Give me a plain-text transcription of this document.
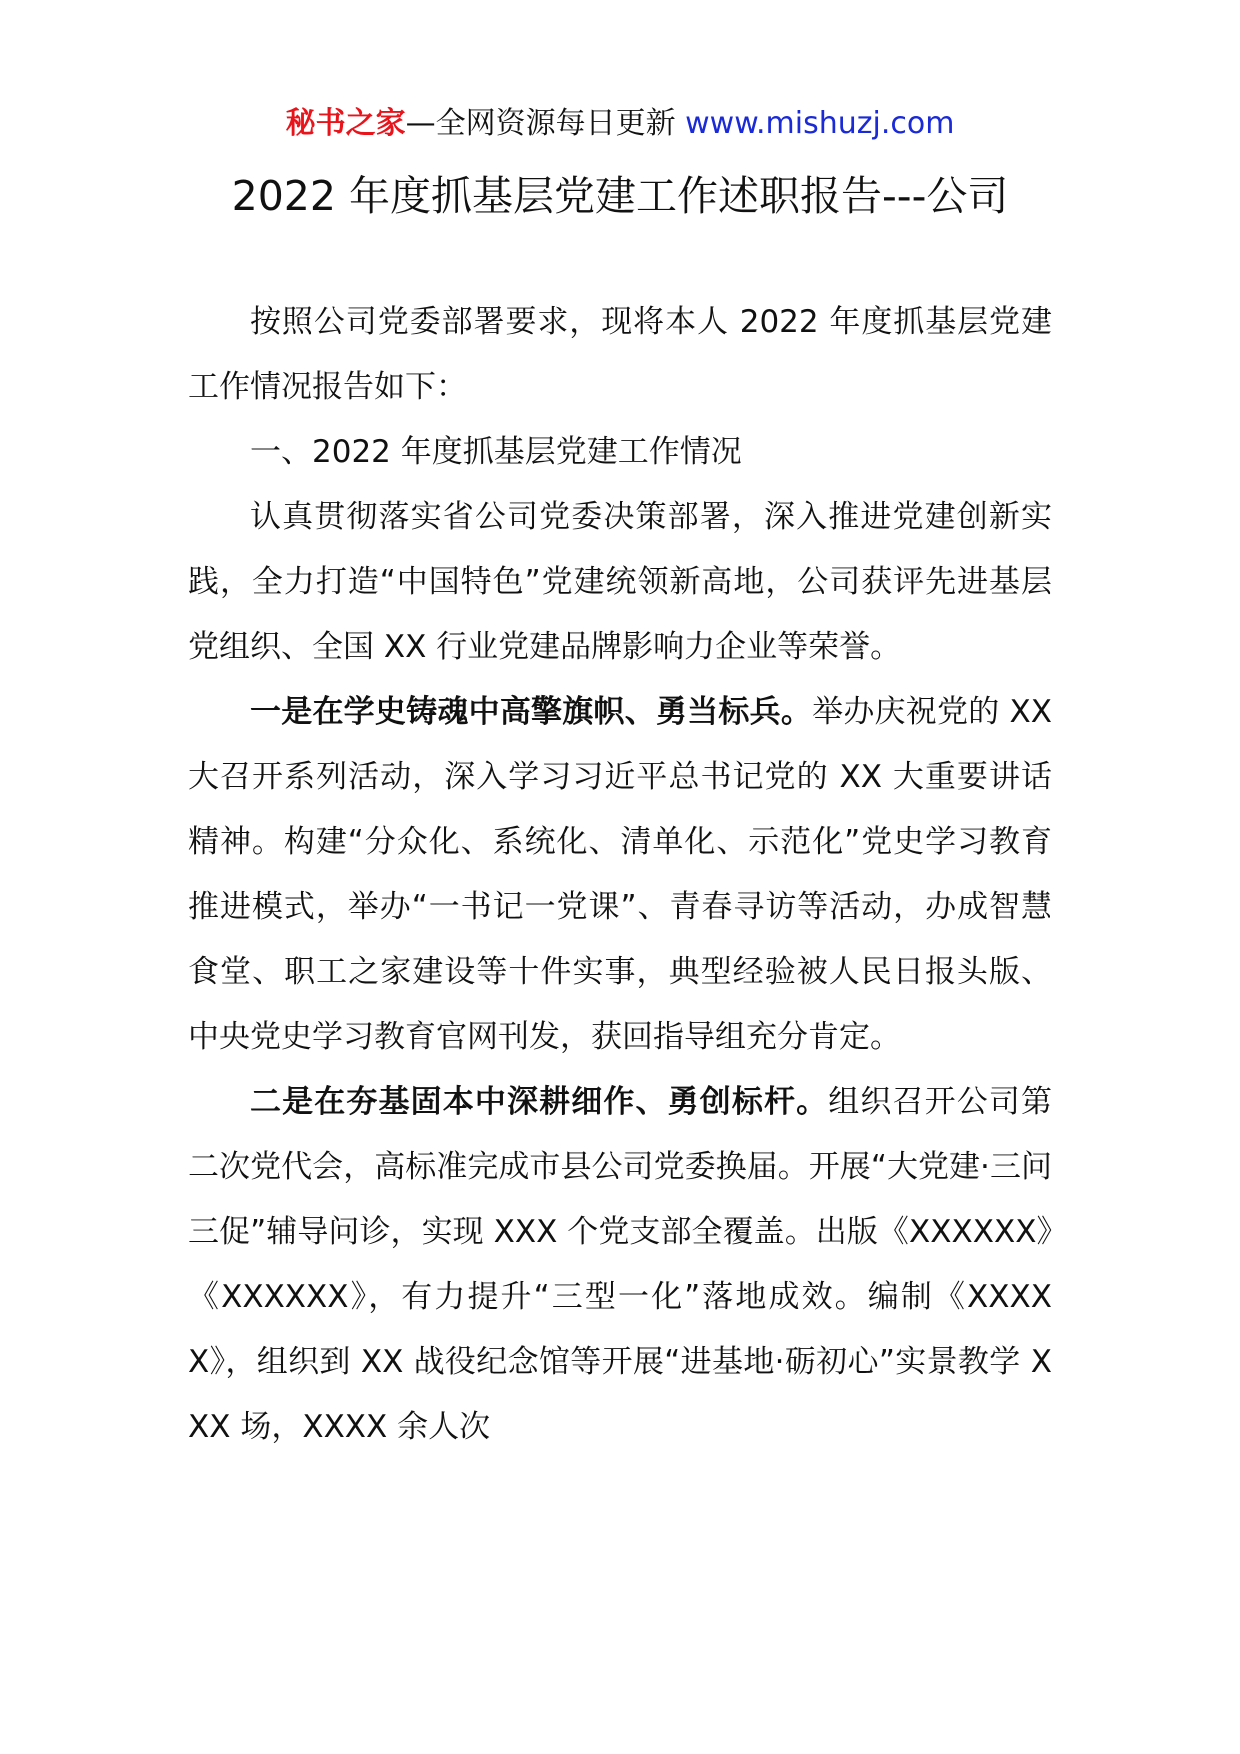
秘书之家—全网资源每日更新 www.mishuzj.com
2022 年度抓基层党建工作述职报告---公司

按照公司党委部署要求，现将本人 2022 年度抓基层党建工作情况报告如下：

一、2022 年度抓基层党建工作情况

认真贯彻落实省公司党委决策部署，深入推进党建创新实践，全力打造“中国特色”党建统领新高地，公司获评先进基层党组织、全国 XX 行业党建品牌影响力企业等荣誉。

一是在学史铸魂中高擎旗帜、勇当标兵。举办庆祝党的 XX 大召开系列活动，深入学习习近平总书记党的 XX 大重要讲话精神。构建“分众化、系统化、清单化、示范化”党史学习教育推进模式，举办“一书记一党课”、青春寻访等活动，办成智慧食堂、职工之家建设等十件实事，典型经验被人民日报头版、中央党史学习教育官网刊发，获回指导组充分肯定。

二是在夯基固本中深耕细作、勇创标杆。组织召开公司第二次党代会，高标准完成市县公司党委换届。开展“大党建·三问三促”辅导问诊，实现 XXX 个党支部全覆盖。出版《XXXXXX》《XXXXXX》，有力提升“三型一化”落地成效。编制《XXXXX》，组织到 XX 战役纪念馆等开展“进基地·砺初心”实景教学 XXX 场，XXXX 余人次
